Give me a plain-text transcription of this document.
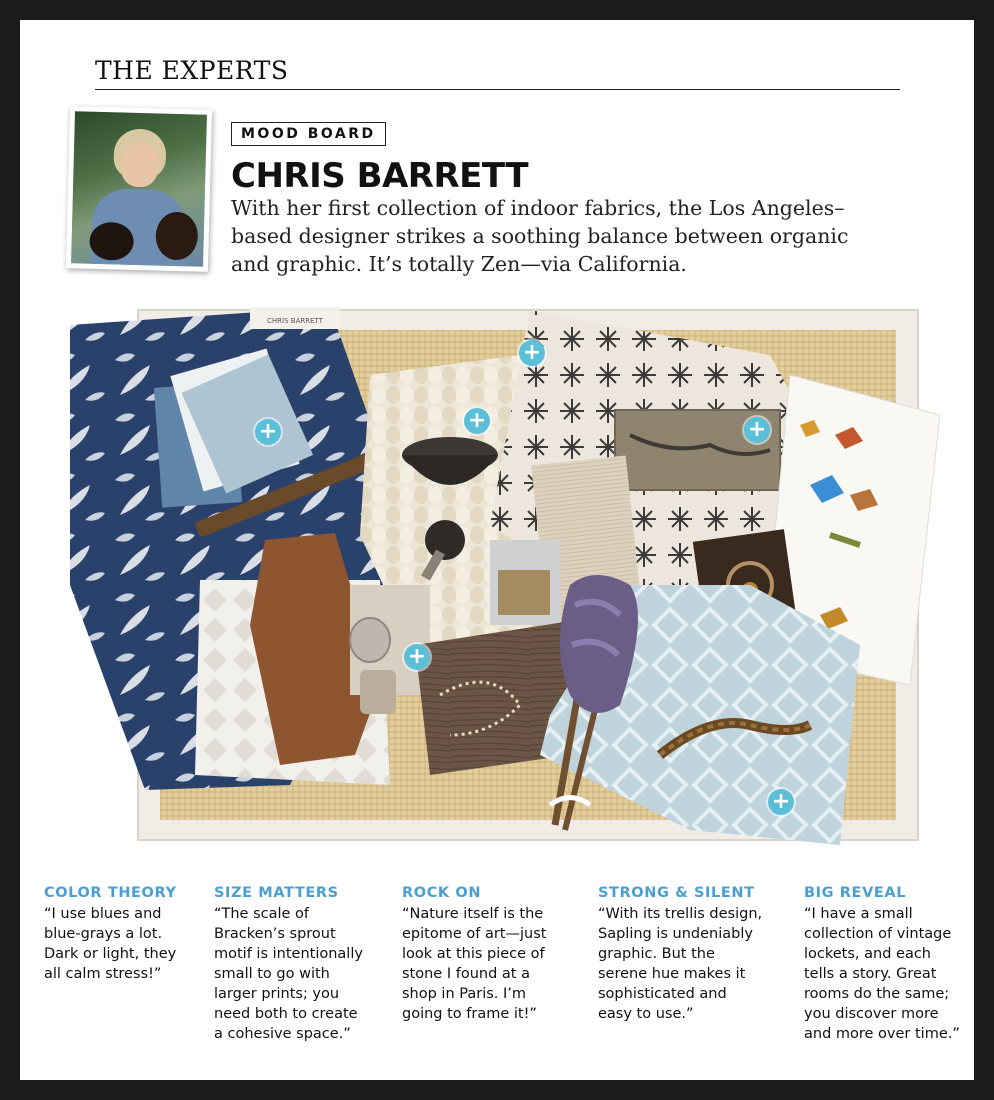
THE EXPERTS
MOOD BOARD
CHRIS BARRETT
With her first collection of indoor fabrics, the Los Angeles–
based designer strikes a soothing balance between organic
and graphic. It’s totally Zen—via California.
CHRIS BARRETT
+
+
+	+
+
+
COLOR THEORY
“I use blues and
blue-grays a lot.
Dark or light, they
all calm stress!”
SIZE MATTERS
“The scale of
Bracken’s sprout
motif is intentionally
small to go with
larger prints; you
need both to create
a cohesive space.”
ROCK ON
“Nature itself is the
epitome of art—just
look at this piece of
stone I found at a
shop in Paris. I’m
going to frame it!”
STRONG & SILENT
“With its trellis design,
Sapling is undeniably
graphic. But the
serene hue makes it
sophisticated and
easy to use.”
BIG REVEAL
“I have a small
collection of vintage
lockets, and each
tells a story. Great
rooms do the same;
you discover more
and more over time.”
